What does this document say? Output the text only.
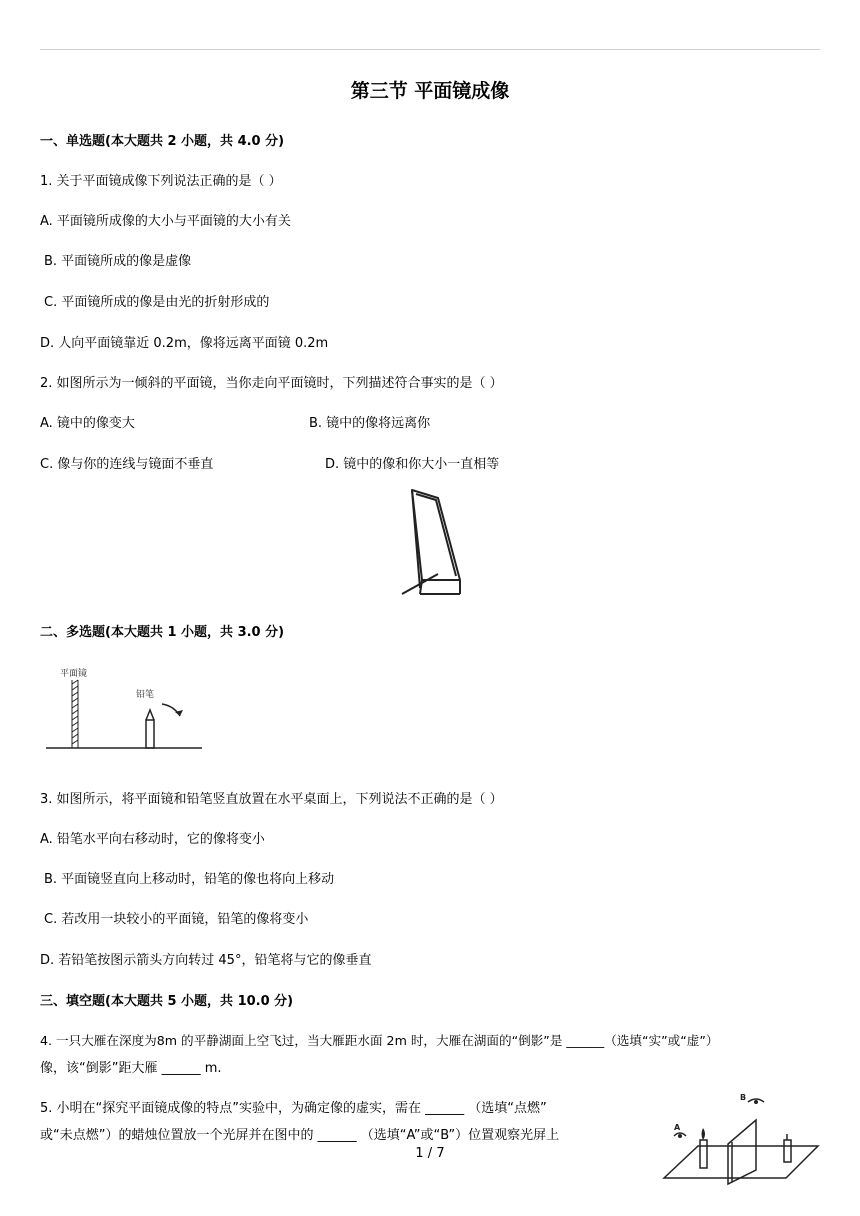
第三节 平面镜成像
一、单选题(本大题共 2 小题，共 4.0 分)
1. 关于平面镜成像下列说法正确的是（ ）
A. 平面镜所成像的大小与平面镜的大小有关
B. 平面镜所成的像是虚像
C. 平面镜所成的像是由光的折射形成的
D. 人向平面镜靠近 0.2m，像将远离平面镜 0.2m
2. 如图所示为一倾斜的平面镜，当你走向平面镜时，下列描述符合事实的是（ ）
A. 镜中的像变大	B. 镜中的像将远离你
C. 像与你的连线与镜面不垂直	D. 镜中的像和你大小一直相等
二、多选题(本大题共 1 小题，共 3.0 分)
平面镜
铅笔
3. 如图所示，将平面镜和铅笔竖直放置在水平桌面上，下列说法不正确的是（ ）
A. 铅笔水平向右移动时，它的像将变小
B. 平面镜竖直向上移动时，铅笔的像也将向上移动
C. 若改用一块较小的平面镜，铅笔的像将变小
D. 若铅笔按图示箭头方向转过 45°，铅笔将与它的像垂直
三、填空题(本大题共 5 小题，共 10.0 分)
4. 一只大雁在深度为8m 的平静湖面上空飞过，当大雁距水面 2m 时，大雁在湖面的“倒影”是 ______（选填“实”或“虚”）
像，该“倒影”距大雁 ______ m.
5. 小明在“探究平面镜成像的特点”实验中，为确定像的虚实，需在 ______ （选填“点燃”
或“未点燃”）的蜡烛位置放一个光屏并在图中的 ______ （选填“A”或“B”）位置观察光屏上
A
B
1 / 7
